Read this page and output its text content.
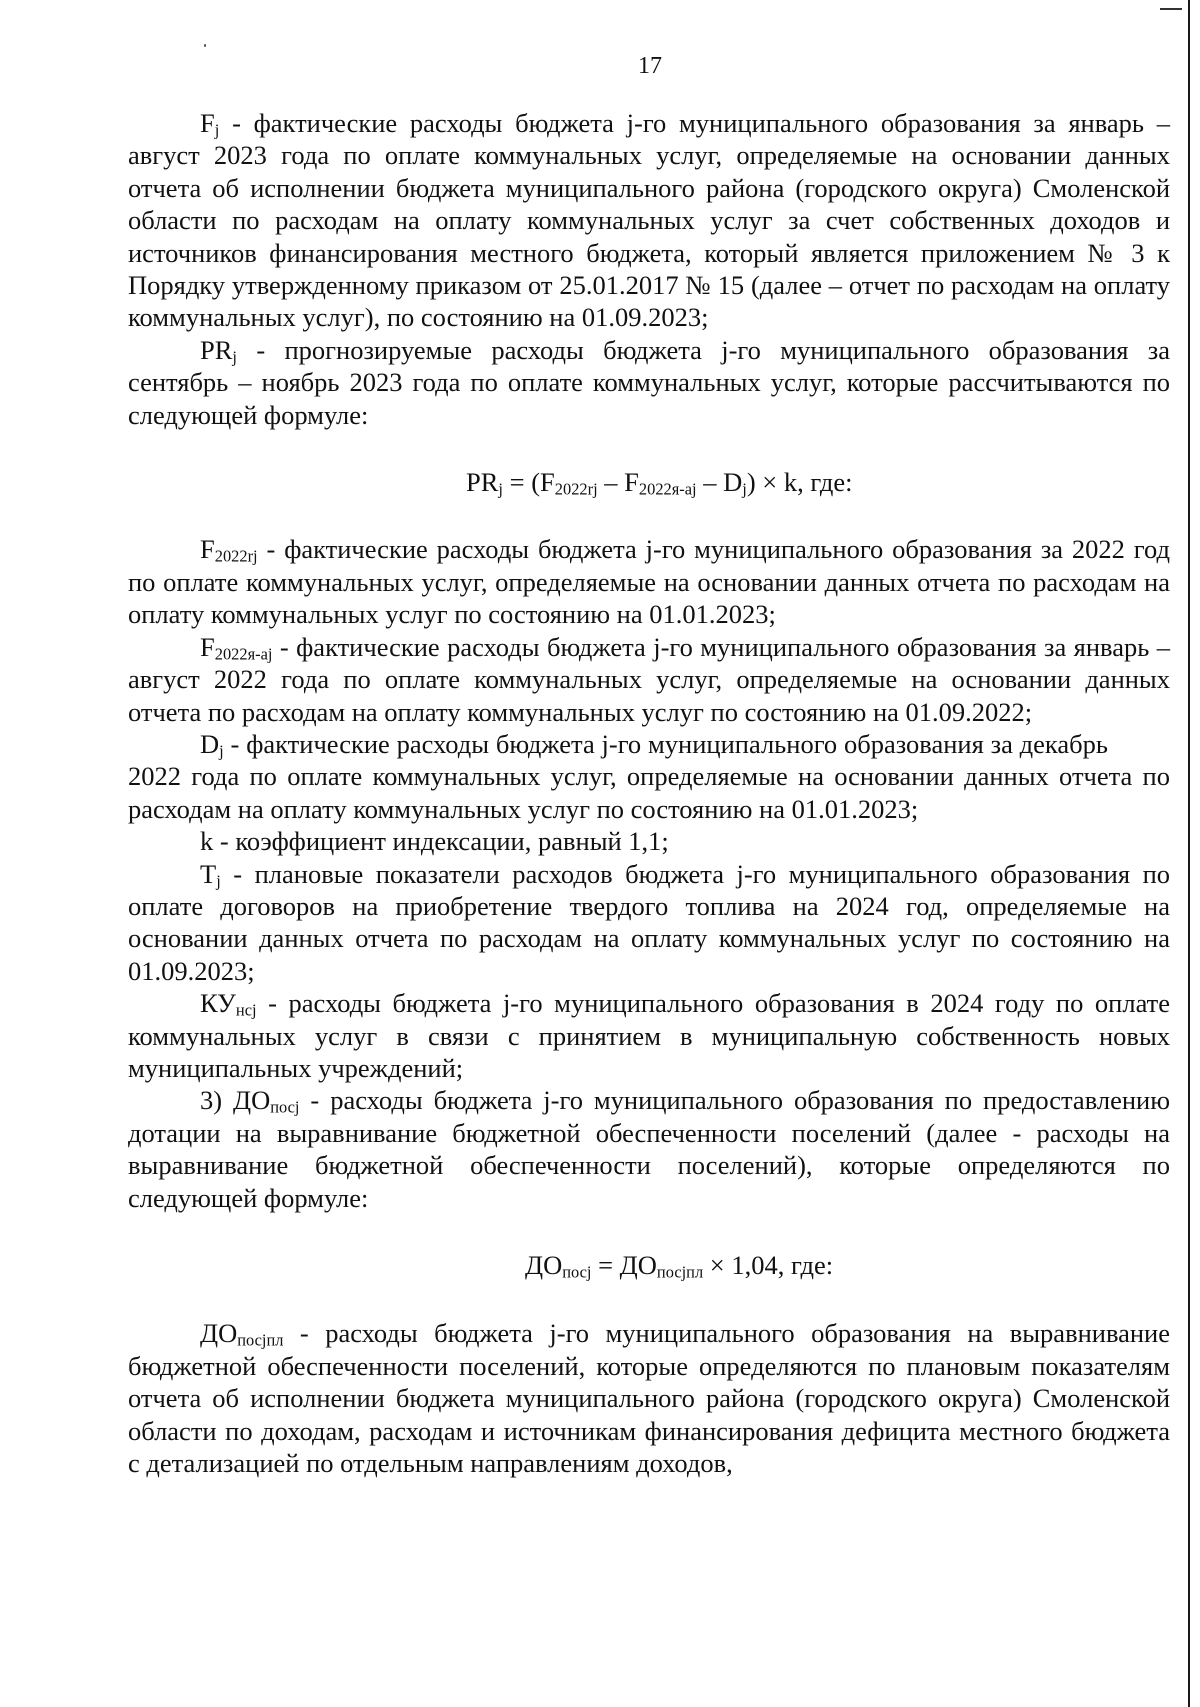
17

$F_j$ - фактические расходы бюджета j-го муниципального образования за январь – август 2023 года по оплате коммунальных услуг, определяемые на основании данных отчета об исполнении бюджета муниципального района (городского округа) Смоленской области по расходам на оплату коммунальных услуг за счет собственных доходов и источников финансирования местного бюджета, который является приложением № 3 к Порядку утвержденному приказом от 25.01.2017 № 15 (далее – отчет по расходам на оплату коммунальных услуг), по состоянию на 01.09.2023;

$PR_j$ - прогнозируемые расходы бюджета j-го муниципального образования за сентябрь – ноябрь 2023 года по оплате коммунальных услуг, которые рассчитываются по следующей формуле:

$PR_j = (F_{2022rj} - F_{2022я-aj} - D_j) \times k$, где:

$F_{2022rj}$ - фактические расходы бюджета j-го муниципального образования за 2022 год по оплате коммунальных услуг, определяемые на основании данных отчета по расходам на оплату коммунальных услуг по состоянию на 01.01.2023;

$F_{2022я-aj}$ - фактические расходы бюджета j-го муниципального образования за январь – август 2022 года по оплате коммунальных услуг, определяемые на основании данных отчета по расходам на оплату коммунальных услуг по состоянию на 01.09.2022;

$D_j$ - фактические расходы бюджета j-го муниципального образования за декабрь2022 года по оплате коммунальных услуг, определяемые на основании данных отчета по расходам на оплату коммунальных услуг по состоянию на 01.01.2023;

k - коэффициент индексации, равный 1,1;

$T_j$ - плановые показатели расходов бюджета j-го муниципального образования по оплате договоров на приобретение твердого топлива на 2024 год, определяемые на основании данных отчета по расходам на оплату коммунальных услуг по состоянию на 01.09.2023;

$КУ_{нсj}$ - расходы бюджета j-го муниципального образования в 2024 году по оплате коммунальных услуг в связи с принятием в муниципальную собственность новых муниципальных учреждений;

3) $ДО_{посj}$ - расходы бюджета j-го муниципального образования по предоставлению дотации на выравнивание бюджетной обеспеченности поселений (далее - расходы на выравнивание бюджетной обеспеченности поселений), которые определяются по следующей формуле:

$ДО_{посj} = ДО_{посjпл} \times 1,04$, где:

$ДО_{посjпл}$ - расходы бюджета j-го муниципального образования на выравнивание бюджетной обеспеченности поселений, которые определяются по плановым показателям отчета об исполнении бюджета муниципального района (городского округа) Смоленской области по доходам, расходам и источникам финансирования дефицита местного бюджета с детализацией по отдельным направлениям доходов,
